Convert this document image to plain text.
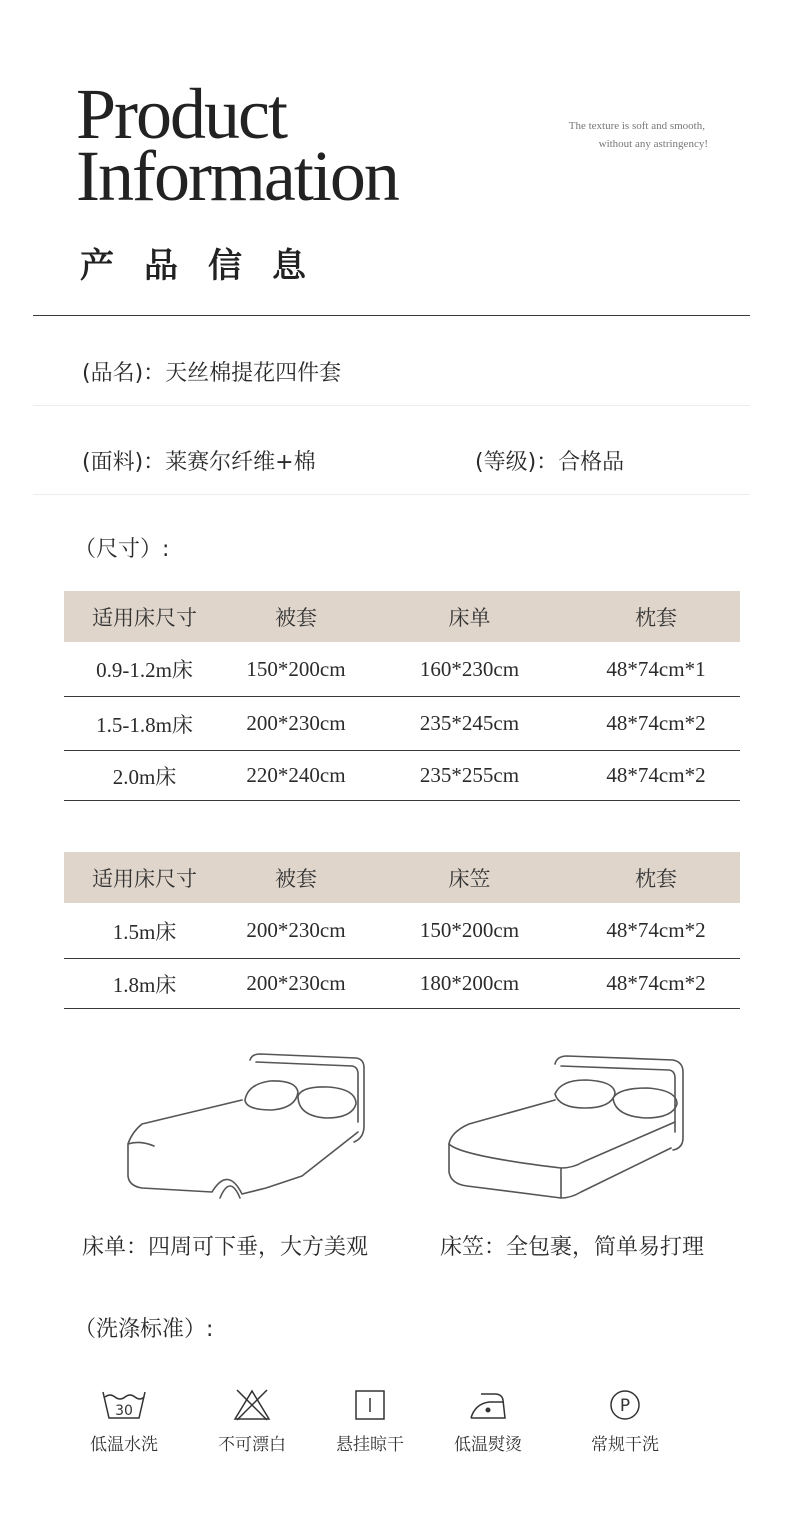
Product
Information
The texture is soft and smooth,
without any astringency!
产品信息
(品名)：天丝棉提花四件套
(面料)：莱赛尔纤维+棉	(等级)：合格品
（尺寸）:
适用床尺寸	被套	床单	枕套
0.9-1.2m床	150*200cm	160*230cm	48*74cm*1
1.5-1.8m床	200*230cm	235*245cm	48*74cm*2
2.0m床	220*240cm	235*255cm	48*74cm*2
适用床尺寸	被套	床笠	枕套
1.5m床	200*230cm	150*200cm	48*74cm*2
1.8m床	200*230cm	180*200cm	48*74cm*2
床单：四周可下垂，大方美观	床笠：全包裹，简单易打理
（洗涤标准）:
30
低温水洗	不可漂白	悬挂晾干	低温熨烫
P
常规干洗
